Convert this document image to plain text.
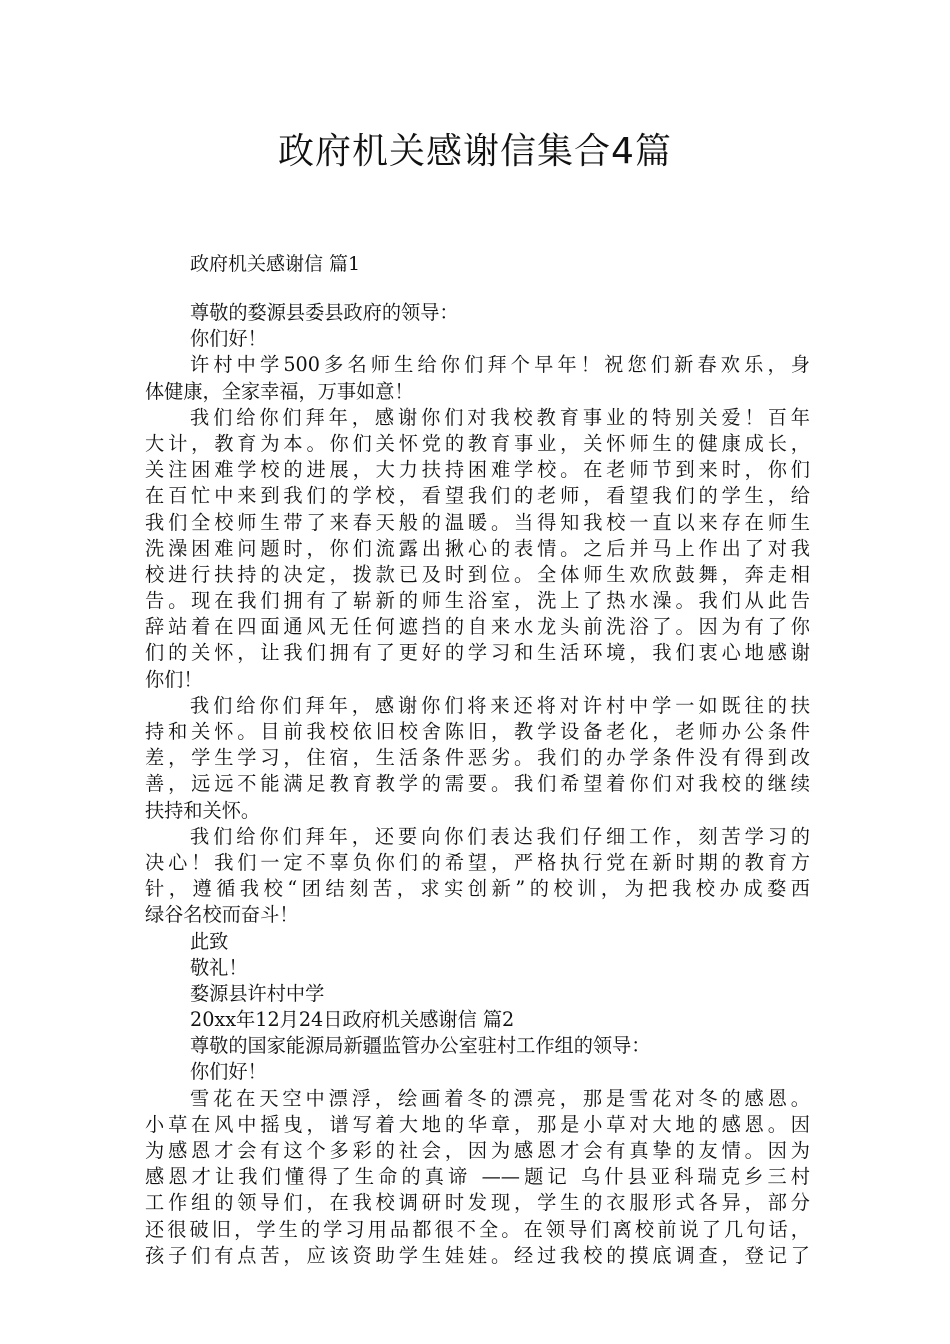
政府机关感谢信集合4篇
政府机关感谢信 篇1
尊敬的婺源县委县政府的领导：
你们好！
许村中学500多名师生给你们拜个早年！祝您们新春欢乐，身
体健康，全家幸福，万事如意！
我们给你们拜年，感谢你们对我校教育事业的特别关爱！百年
大计，教育为本。你们关怀党的教育事业，关怀师生的健康成长，
关注困难学校的进展，大力扶持困难学校。在老师节到来时，你们
在百忙中来到我们的学校，看望我们的老师，看望我们的学生，给
我们全校师生带了来春天般的温暖。当得知我校一直以来存在师生
洗澡困难问题时，你们流露出揪心的表情。之后并马上作出了对我
校进行扶持的决定，拨款已及时到位。全体师生欢欣鼓舞，奔走相
告。现在我们拥有了崭新的师生浴室，洗上了热水澡。我们从此告
辞站着在四面通风无任何遮挡的自来水龙头前洗浴了。因为有了你
们的关怀，让我们拥有了更好的学习和生活环境，我们衷心地感谢
你们！
我们给你们拜年，感谢你们将来还将对许村中学一如既往的扶
持和关怀。目前我校依旧校舍陈旧，教学设备老化，老师办公条件
差，学生学习，住宿，生活条件恶劣。我们的办学条件没有得到改
善，远远不能满足教育教学的需要。我们希望着你们对我校的继续
扶持和关怀。
我们给你们拜年，还要向你们表达我们仔细工作，刻苦学习的
决心！我们一定不辜负你们的希望，严格执行党在新时期的教育方
针，遵循我校“团结刻苦，求实创新”的校训，为把我校办成婺西
绿谷名校而奋斗！
此致
敬礼！
婺源县许村中学
20xx年12月24日政府机关感谢信 篇2
尊敬的国家能源局新疆监管办公室驻村工作组的领导：
你们好！
雪花在天空中漂浮，绘画着冬的漂亮，那是雪花对冬的感恩。
小草在风中摇曳，谱写着大地的华章，那是小草对大地的感恩。因
为感恩才会有这个多彩的社会，因为感恩才会有真挚的友情。因为
感恩才让我们懂得了生命的真谛 ——题记 乌什县亚科瑞克乡三村
工作组的领导们，在我校调研时发现，学生的衣服形式各异，部分
还很破旧，学生的学习用品都很不全。在领导们离校前说了几句话，
孩子们有点苦，应该资助学生娃娃。经过我校的摸底调查，登记了
